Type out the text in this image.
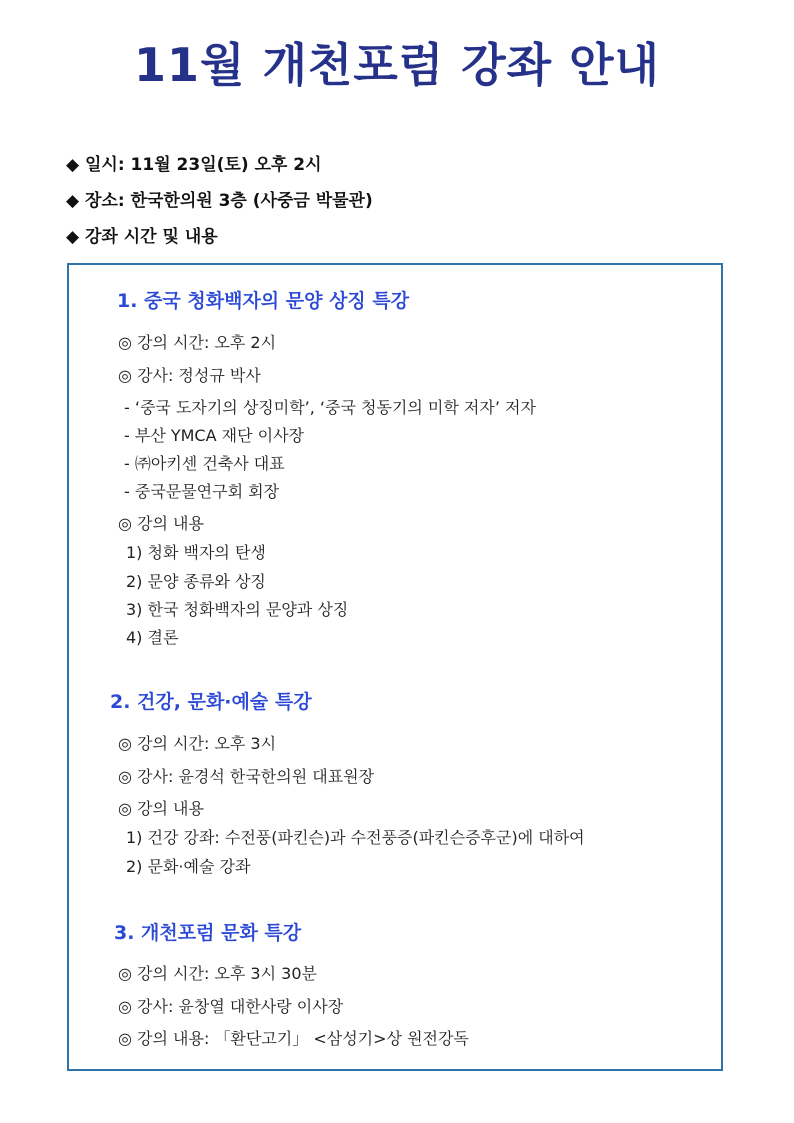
11월 개천포럼 강좌 안내
◆ 일시: 11월 23일(토) 오후 2시
◆ 장소: 한국한의원 3층 (사중금 박물관)
◆ 강좌 시간 및 내용
1. 중국 청화백자의 문양 상징 특강
◎ 강의 시간: 오후 2시
◎ 강사: 정성규 박사
- ‘중국 도자기의 상징미학’, ‘중국 청동기의 미학 저자’ 저자
- 부산 YMCA 재단 이사장
- ㈜아키센 건축사 대표
- 중국문물연구회 회장
◎ 강의 내용
1) 청화 백자의 탄생
2) 문양 종류와 상징
3) 한국 청화백자의 문양과 상징
4) 결론
2. 건강, 문화·예술 특강
◎ 강의 시간: 오후 3시
◎ 강사: 윤경석 한국한의원 대표원장
◎ 강의 내용
1) 건강 강좌: 수전풍(파킨슨)과 수전풍증(파킨슨증후군)에 대하여
2) 문화·예술 강좌
3. 개천포럼 문화 특강
◎ 강의 시간: 오후 3시 30분
◎ 강사: 윤창열 대한사랑 이사장
◎ 강의 내용: 「환단고기」 <삼성기>상 원전강독
